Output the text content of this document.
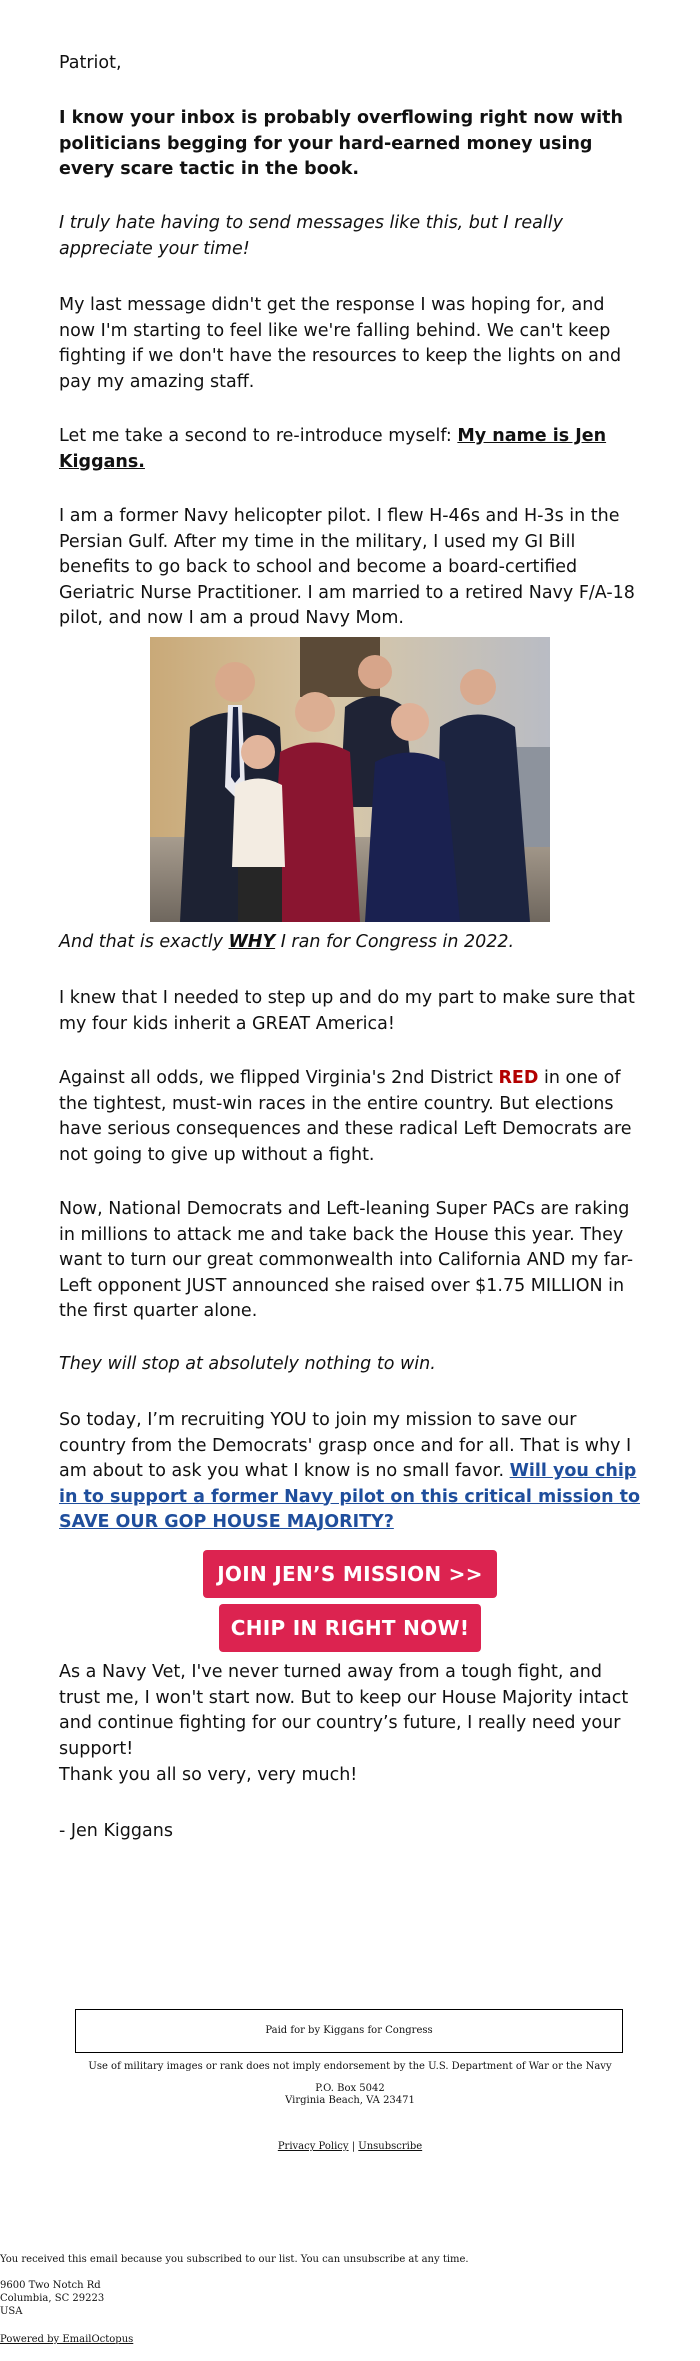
Patriot,

I know your inbox is probably overflowing right now with politicians begging for your hard-earned money using every scare tactic in the book.

I truly hate having to send messages like this, but I really appreciate your time!

My last message didn't get the response I was hoping for, and now I'm starting to feel like we're falling behind. We can't keep fighting if we don't have the resources to keep the lights on and pay my amazing staff.

Let me take a second to re-introduce myself: My name is Jen Kiggans.

I am a former Navy helicopter pilot. I flew H-46s and H-3s in the Persian Gulf. After my time in the military, I used my GI Bill benefits to go back to school and become a board-certified Geriatric Nurse Practitioner. I am married to a retired Navy F/A-18 pilot, and now I am a proud Navy Mom.

And that is exactly WHY I ran for Congress in 2022.

I knew that I needed to step up and do my part to make sure that my four kids inherit a GREAT America!

Against all odds, we flipped Virginia's 2nd District RED in one of the tightest, must-win races in the entire country. But elections have serious consequences and these radical Left Democrats are not going to give up without a fight.

Now, National Democrats and Left-leaning Super PACs are raking in millions to attack me and take back the House this year. They want to turn our great commonwealth into California AND my far-Left opponent JUST announced she raised over $1.75 MILLION in the first quarter alone.

They will stop at absolutely nothing to win.

So today, I’m recruiting YOU to join my mission to save our country from the Democrats' grasp once and for all. That is why I am about to ask you what I know is no small favor. Will you chip in to support a former Navy pilot on this critical mission to SAVE OUR GOP HOUSE MAJORITY?

JOIN JEN’S MISSION >>
CHIP IN RIGHT NOW!

As a Navy Vet, I've never turned away from a tough fight, and trust me, I won't start now. But to keep our House Majority intact and continue fighting for our country’s future, I really need your support!

Thank you all so very, very much!

- Jen Kiggans

Paid for by Kiggans for Congress
Use of military images or rank does not imply endorsement by the U.S. Department of War or the Navy
P.O. Box 5042
Virginia Beach, VA 23471
Privacy Policy | Unsubscribe
You received this email because you subscribed to our list. You can unsubscribe at any time.
9600 Two Notch Rd
Columbia, SC 29223
USA
Powered by EmailOctopus
